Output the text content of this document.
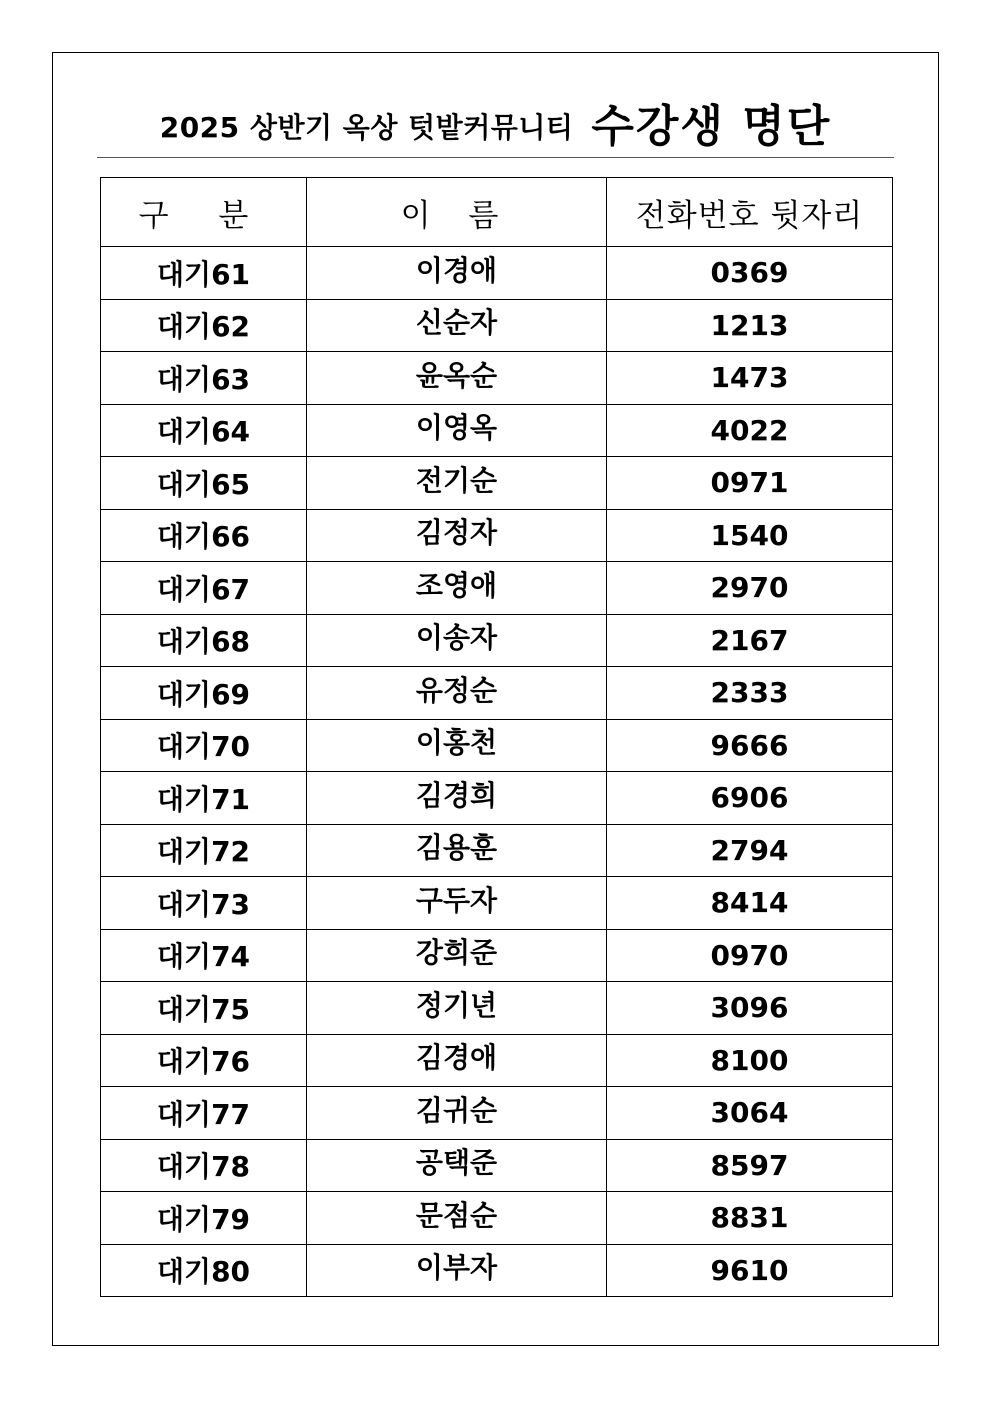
2025 상반기 옥상 텃밭커뮤니티 수강생 명단
구 분	이 름	전화번호 뒷자리
대기61	이경애	0369
대기62	신순자	1213
대기63	윤옥순	1473
대기64	이영옥	4022
대기65	전기순	0971
대기66	김정자	1540
대기67	조영애	2970
대기68	이송자	2167
대기69	유정순	2333
대기70	이홍천	9666
대기71	김경희	6906
대기72	김용훈	2794
대기73	구두자	8414
대기74	강희준	0970
대기75	정기년	3096
대기76	김경애	8100
대기77	김귀순	3064
대기78	공택준	8597
대기79	문점순	8831
대기80	이부자	9610
